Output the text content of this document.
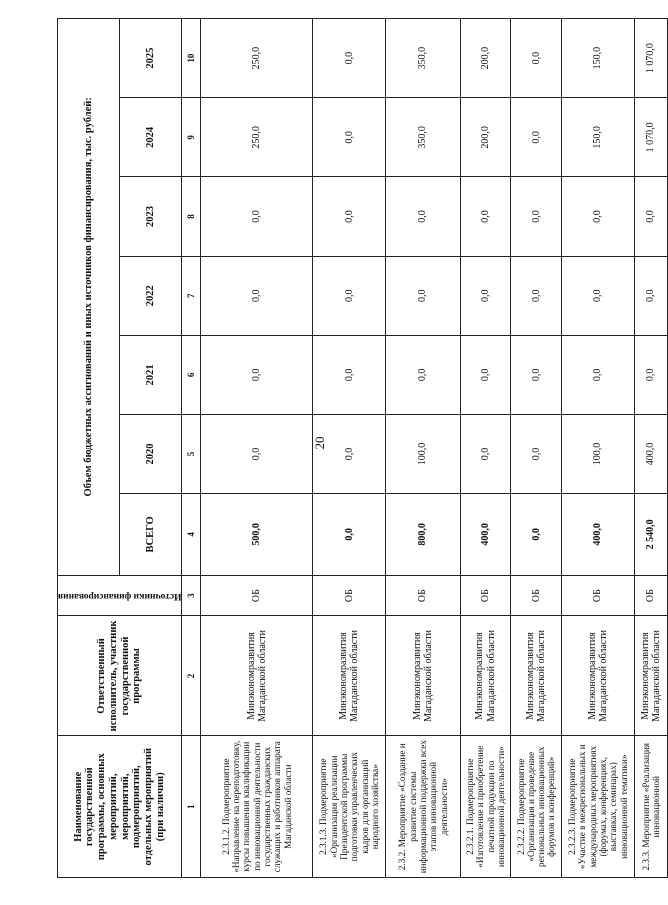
20
Наименование государственной программы, основных мероприятий, мероприятий, подмероприятий, отдельных мероприятий (при наличии)	Ответственный исполнитель, участник государственной программы	Источники финансирования	Объем бюджетных ассигнований и иных источников финансирования, тыс. рублей:						
			ВСЕГО	2020	2021	2022	2023	2024	2025
1	2	3	4	5	6	7	8	9	10
2.3.1.2. Подмероприятие «Направление на переподготовку, курсы повышения квалификации по инновационной деятельности государственных гражданских служащих и работников аппарата Магаданской области	Минэкономразвития Магаданской области	ОБ	500,0	0,0	0,0	0,0	0,0	250,0	250,0
2.3.1.3. Подмероприятие «Организация реализации Президентской программы подготовки управленческих кадров для организаций народного хозяйства»	Минэкономразвития Магаданской области	ОБ	0,0	0,0	0,0	0,0	0,0	0,0	0,0
2.3.2. Мероприятие «Создание и развитие системы информационной поддержки всех этапов инновационной деятельности»	Минэкономразвития Магаданской области	ОБ	800,0	100,0	0,0	0,0	0,0	350,0	350,0
2.3.2.1. Подмероприятие «Изготовление и приобретение печатной продукции по инновационной деятельности»	Минэкономразвития Магаданской области	ОБ	400,0	0,0	0,0	0,0	0,0	200,0	200,0
2.3.2.2. Подмероприятие «Организация и проведение региональных инновационных форумов и конференций»	Минэкономразвития Магаданской области	ОБ	0,0	0,0	0,0	0,0	0,0	0,0	0,0
2.3.2.3. Подмероприятие «Участие в межрегиональных и международных мероприятиях (форумах, конференциях, выставках, семинарах) инновационной тематики»	Минэкономразвития Магаданской области	ОБ	400,0	100,0	0,0	0,0	0,0	150,0	150,0
2.3.3. Мероприятие «Реализация инновационной	Минэкономразвития Магаданской области	ОБ	2 540,0	400,0	0,0	0,0	0,0	1 070,0	1 070,0
